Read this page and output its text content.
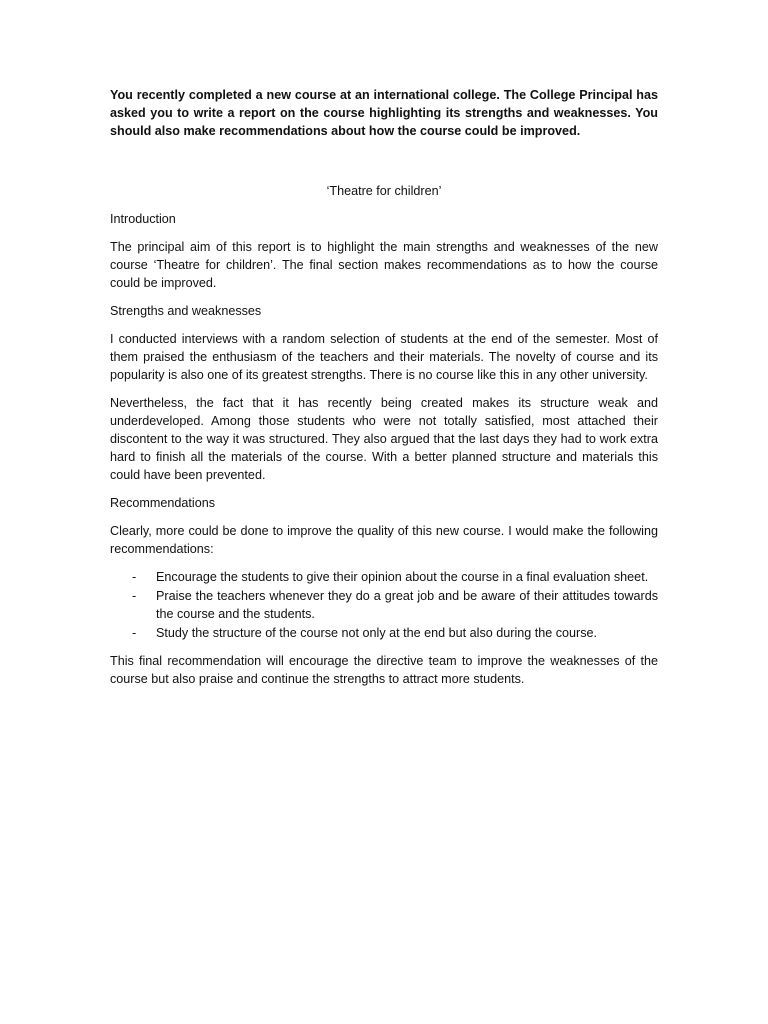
You recently completed a new course at an international college. The College Principal has asked you to write a report on the course highlighting its strengths and weaknesses. You should also make recommendations about how the course could be improved.

‘Theatre for children’

Introduction

The principal aim of this report is to highlight the main strengths and weaknesses of the new course ‘Theatre for children’. The final section makes recommendations as to how the course could be improved.

Strengths and weaknesses

I conducted interviews with a random selection of students at the end of the semester. Most of them praised the enthusiasm of the teachers and their materials. The novelty of course and its popularity is also one of its greatest strengths. There is no course like this in any other university.

Nevertheless, the fact that it has recently being created makes its structure weak and underdeveloped. Among those students who were not totally satisfied, most attached their discontent to the way it was structured. They also argued that the last days they had to work extra hard to finish all the materials of the course. With a better planned structure and materials this could have been prevented.

Recommendations

Clearly, more could be done to improve the quality of this new course. I would make the following recommendations:

- Encourage the students to give their opinion about the course in a final evaluation sheet.
- Praise the teachers whenever they do a great job and be aware of their attitudes towards the course and the students.
- Study the structure of the course not only at the end but also during the course.

This final recommendation will encourage the directive team to improve the weaknesses of the course but also praise and continue the strengths to attract more students.
